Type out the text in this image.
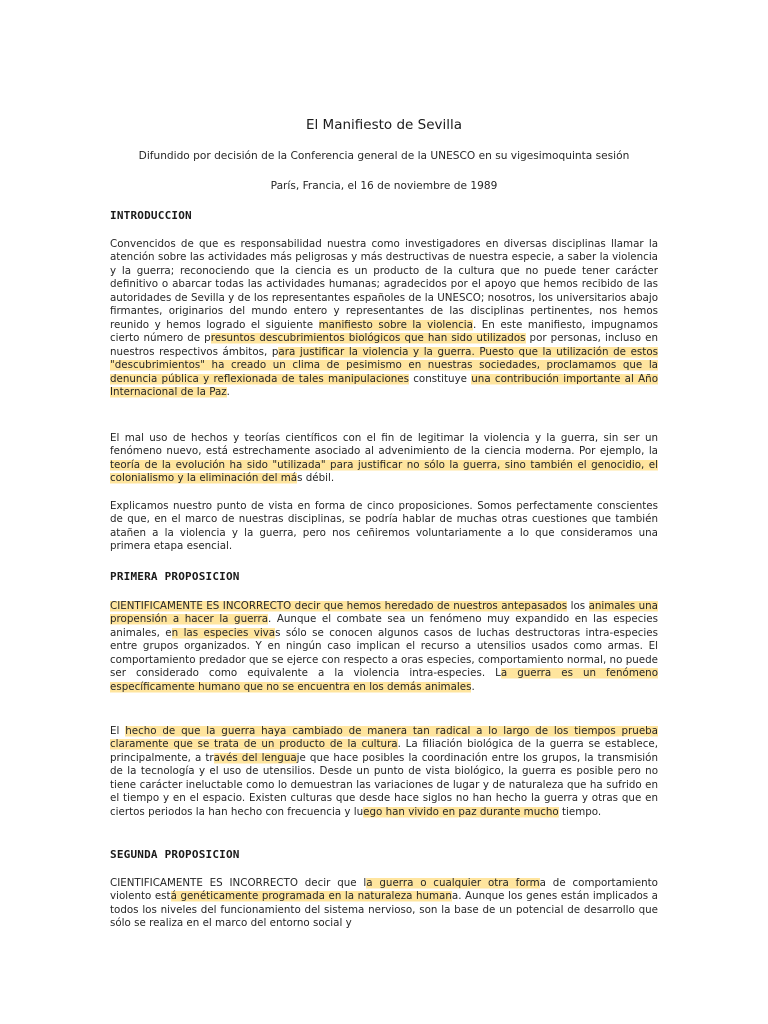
El Manifiesto de Sevilla

Difundido por decisión de la Conferencia general de la UNESCO en su vigesimoquinta sesión

París, Francia, el 16 de noviembre de 1989

INTRODUCCION

Convencidos de que es responsabilidad nuestra como investigadores en diversas disciplinas llamar la atención sobre las actividades más peligrosas y más destructivas de nuestra especie, a saber la violencia y la guerra; reconociendo que la ciencia es un producto de la cultura que no puede tener carácter definitivo o abarcar todas las actividades humanas; agradecidos por el apoyo que hemos recibido de las autoridades de Sevilla y de los representantes españoles de la UNESCO; nosotros, los universitarios abajo firmantes, originarios del mundo entero y representantes de las disciplinas pertinentes, nos hemos reunido y hemos logrado el siguiente manifiesto sobre la violencia. En este manifiesto, impugnamos cierto número de presuntos descubrimientos biológicos que han sido utilizados por personas, incluso en nuestros respectivos ámbitos, para justificar la violencia y la guerra. Puesto que la utilización de estos "descubrimientos" ha creado un clima de pesimismo en nuestras sociedades, proclamamos que la denuncia pública y reflexionada de tales manipulaciones constituye una contribución importante al Año Internacional de la Paz.

El mal uso de hechos y teorías científicos con el fin de legitimar la violencia y la guerra, sin ser un fenómeno nuevo, está estrechamente asociado al advenimiento de la ciencia moderna. Por ejemplo, la teoría de la evolución ha sido "utilizada" para justificar no sólo la guerra, sino también el genocidio, el colonialismo y la eliminación del más débil.

Explicamos nuestro punto de vista en forma de cinco proposiciones. Somos perfectamente conscientes de que, en el marco de nuestras disciplinas, se podría hablar de muchas otras cuestiones que también atañen a la violencia y la guerra, pero nos ceñiremos voluntariamente a lo que consideramos una primera etapa esencial.

PRIMERA PROPOSICION

CIENTIFICAMENTE ES INCORRECTO decir que hemos heredado de nuestros antepasados los animales una propensión a hacer la guerra. Aunque el combate sea un fenómeno muy expandido en las especies animales, en las especies vivas sólo se conocen algunos casos de luchas destructoras intra-especies entre grupos organizados. Y en ningún caso implican el recurso a utensilios usados como armas. El comportamiento predador que se ejerce con respecto a oras especies, comportamiento normal, no puede ser considerado como equivalente a la violencia intra-especies. La guerra es un fenómeno específicamente humano que no se encuentra en los demás animales.

El hecho de que la guerra haya cambiado de manera tan radical a lo largo de los tiempos prueba claramente que se trata de un producto de la cultura. La filiación biológica de la guerra se establece, principalmente, a través del lenguaje que hace posibles la coordinación entre los grupos, la transmisión de la tecnología y el uso de utensilios. Desde un punto de vista biológico, la guerra es posible pero no tiene carácter ineluctable como lo demuestran las variaciones de lugar y de naturaleza que ha sufrido en el tiempo y en el espacio. Existen culturas que desde hace siglos no han hecho la guerra y otras que en ciertos periodos la han hecho con frecuencia y luego han vivido en paz durante mucho tiempo.

SEGUNDA PROPOSICION

CIENTIFICAMENTE ES INCORRECTO decir que la guerra o cualquier otra forma de comportamiento violento está genéticamente programada en la naturaleza humana. Aunque los genes están implicados a todos los niveles del funcionamiento del sistema nervioso, son la base de un potencial de desarrollo que sólo se realiza en el marco del entorno social y
